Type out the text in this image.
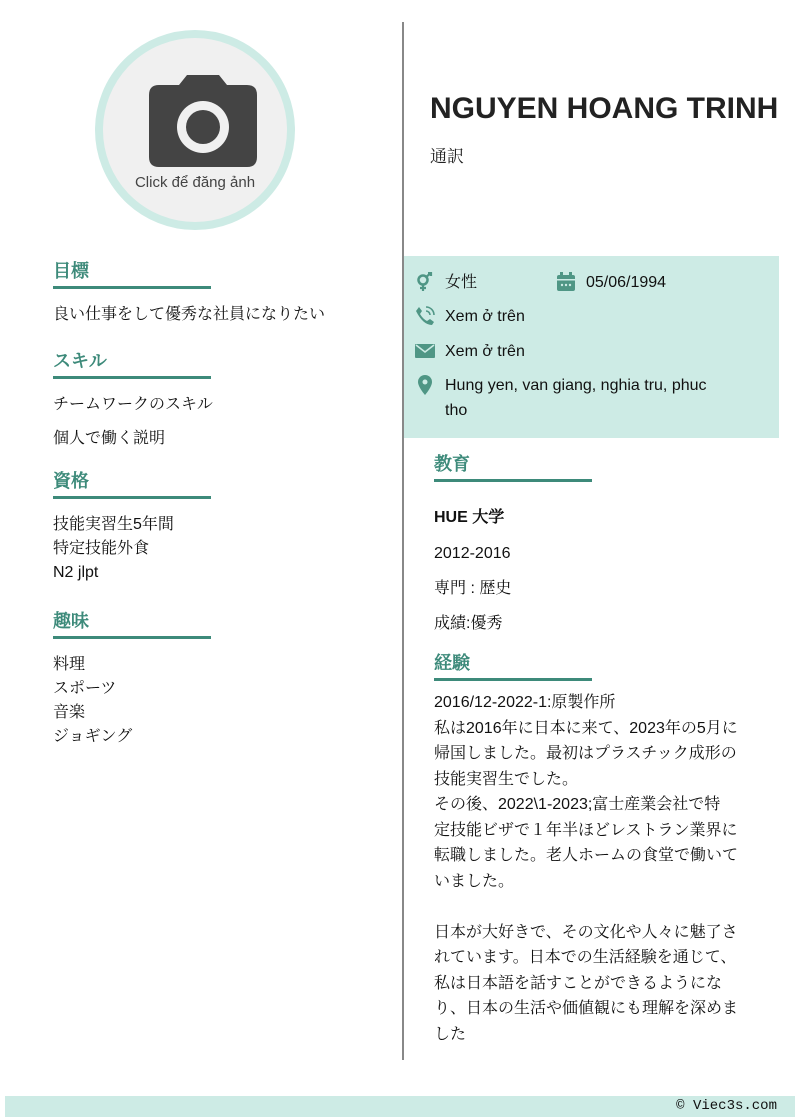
Click để đăng ảnh
NGUYEN HOANG TRINH
通訳
目標
良い仕事をして優秀な社員になりたい
スキル
チームワークのスキル
個人で働く説明
資格
技能実習生5年間
特定技能外食
N2 jlpt
趣味
料理
スポーツ
音楽
ジョギング
女性	05/06/1994
Xem ở trên
Xem ở trên
Hung yen, van giang, nghia tru, phuc
tho
教育
HUE 大学
2012-2016
専門 : 歴史
成績:優秀
経験
2016/12-2022-1:原製作所
私は2016年に日本に来て、2023年の5月に
帰国しました。最初はプラスチック成形の
技能実習生でした。
その後、2022\1-2023;富士産業会社で特
定技能ビザで１年半ほどレストラン業界に
転職しました。老人ホームの食堂で働いて
いました。
日本が大好きで、その文化や人々に魅了さ
れています。日本での生活経験を通じて、
私は日本語を話すことができるようにな
り、日本の生活や価値観にも理解を深めま
した
© Viec3s.com
